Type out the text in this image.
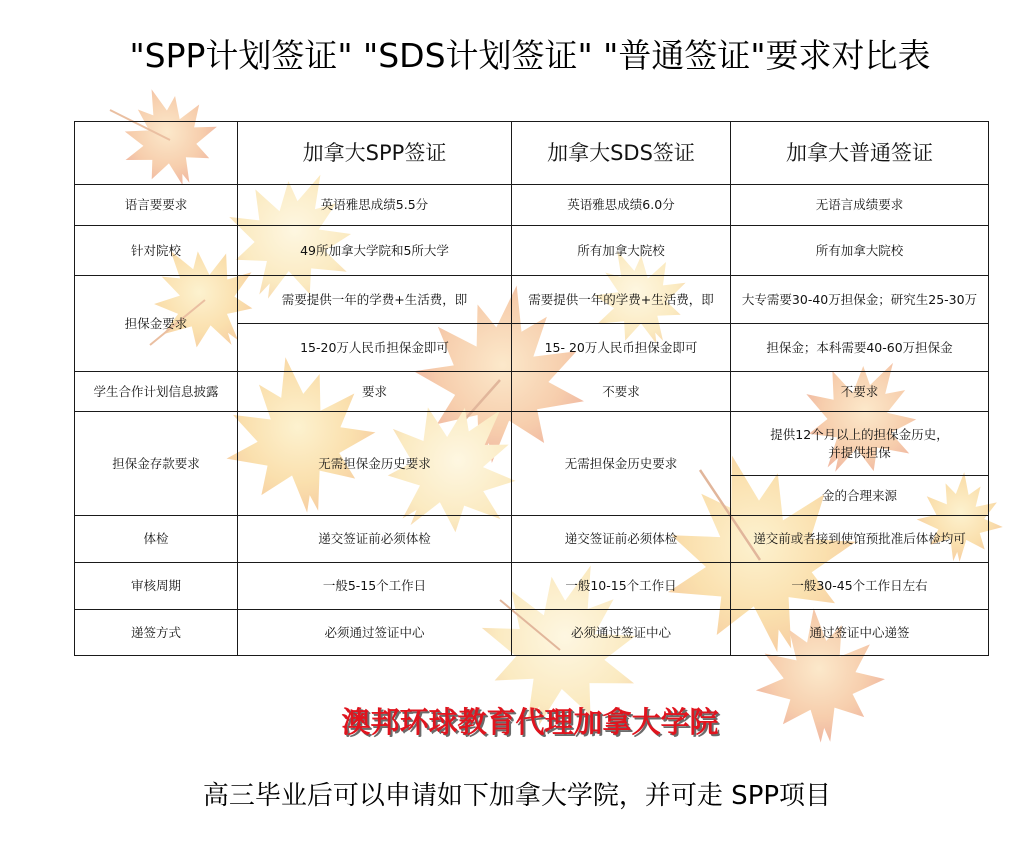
"SPP计划签证" "SDS计划签证" "普通签证"要求对比表
	加拿大SPP签证	加拿大SDS签证	加拿大普通签证
语言要要求	英语雅思成绩5.5分	英语雅思成绩6.0分	无语言成绩要求
针对院校	49所加拿大学院和5所大学	所有加拿大院校	所有加拿大院校
担保金要求	需要提供一年的学费+生活费，即	需要提供一年的学费+生活费，即	大专需要30-40万担保金；研究生25-30万
	15-20万人民币担保金即可	15- 20万人民币担保金即可	担保金；本科需要40-60万担保金
学生合作计划信息披露	要求	不要求	不要求
担保金存款要求	无需担保金历史要求	无需担保金历史要求	提供12个月以上的担保金历史，
并提供担保

			金的合理来源
体检	递交签证前必须体检	递交签证前必须体检	递交前或者接到使馆预批准后体检均可
审核周期	一般5-15个工作日	一般10-15个工作日	一般30-45个工作日左右
递签方式	必须通过签证中心	必须通过签证中心	通过签证中心递签
澳邦环球教育代理加拿大学院
高三毕业后可以申请如下加拿大学院，并可走 SPP项目
